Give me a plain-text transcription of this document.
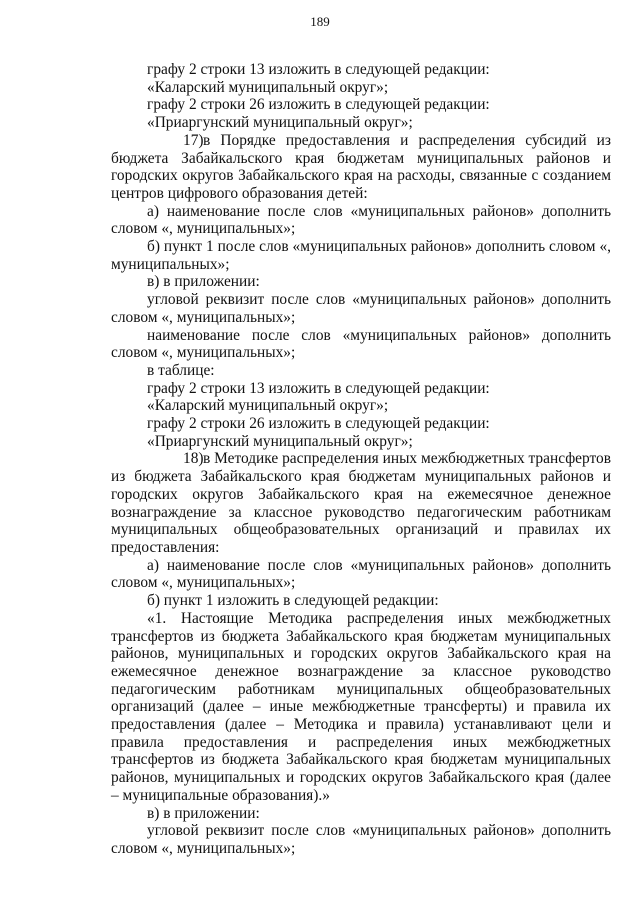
189

графу 2 строки 13 изложить в следующей редакции:

«Каларский муниципальный округ»;

графу 2 строки 26 изложить в следующей редакции:

«Приаргунский муниципальный округ»;

17)в Порядке предоставления и распределения субсидий из бюджета Забайкальского края бюджетам муниципальных районов и городских округов Забайкальского края на расходы, связанные с созданием центров цифрового образования детей:

а) наименование после слов «муниципальных районов» дополнить словом «, муниципальных»;

б) пункт 1 после слов «муниципальных районов» дополнить словом «, муниципальных»;

в) в приложении:

угловой реквизит после слов «муниципальных районов» дополнить словом «, муниципальных»;

наименование после слов «муниципальных районов» дополнить словом «, муниципальных»;

в таблице:

графу 2 строки 13 изложить в следующей редакции:

«Каларский муниципальный округ»;

графу 2 строки 26 изложить в следующей редакции:

«Приаргунский муниципальный округ»;

18)в Методике распределения иных межбюджетных трансфертов из бюджета Забайкальского края бюджетам муниципальных районов и городских округов Забайкальского края на ежемесячное денежное вознаграждение за классное руководство педагогическим работникам муниципальных общеобразовательных организаций и правилах их предоставления:

а) наименование после слов «муниципальных районов» дополнить словом «, муниципальных»;

б) пункт 1 изложить в следующей редакции:

«1. Настоящие Методика распределения иных межбюджетных трансфертов из бюджета Забайкальского края бюджетам муниципальных районов, муниципальных и городских округов Забайкальского края на ежемесячное денежное вознаграждение за классное руководство педагогическим работникам муниципальных общеобразовательных организаций (далее – иные межбюджетные трансферты) и правила их предоставления (далее – Методика и правила) устанавливают цели и правила предоставления и распределения иных межбюджетных трансфертов из бюджета Забайкальского края бюджетам муниципальных районов, муниципальных и городских округов Забайкальского края (далее – муниципальные образования).»

в) в приложении:

угловой реквизит после слов «муниципальных районов» дополнить словом «, муниципальных»;
